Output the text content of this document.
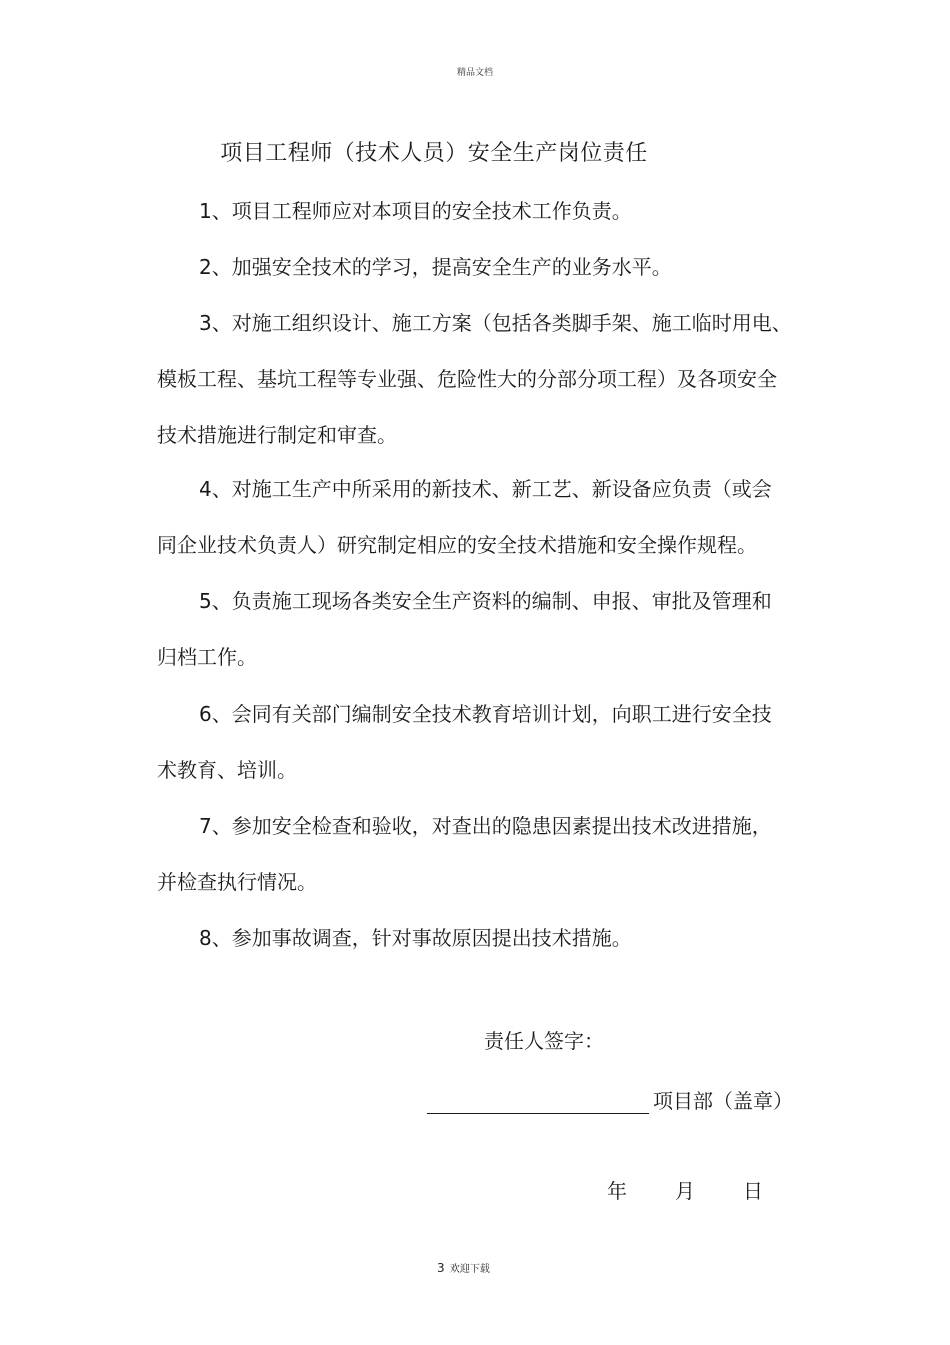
精品文档
项目工程师（技术人员）安全生产岗位责任
1、项目工程师应对本项目的安全技术工作负责。
2、加强安全技术的学习，提高安全生产的业务水平。
3、对施工组织设计、施工方案（包括各类脚手架、施工临时用电、
模板工程、基坑工程等专业强、危险性大的分部分项工程）及各项安全
技术措施进行制定和审查。
4、对施工生产中所采用的新技术、新工艺、新设备应负责（或会
同企业技术负责人）研究制定相应的安全技术措施和安全操作规程。
5、负责施工现场各类安全生产资料的编制、申报、审批及管理和
归档工作。
6、会同有关部门编制安全技术教育培训计划，向职工进行安全技
术教育、培训。
7、参加安全检查和验收，对查出的隐患因素提出技术改进措施，
并检查执行情况。
8、参加事故调查，针对事故原因提出技术措施。
责任人签字：
项目部（盖章）
年 月 日
3 欢迎下载
